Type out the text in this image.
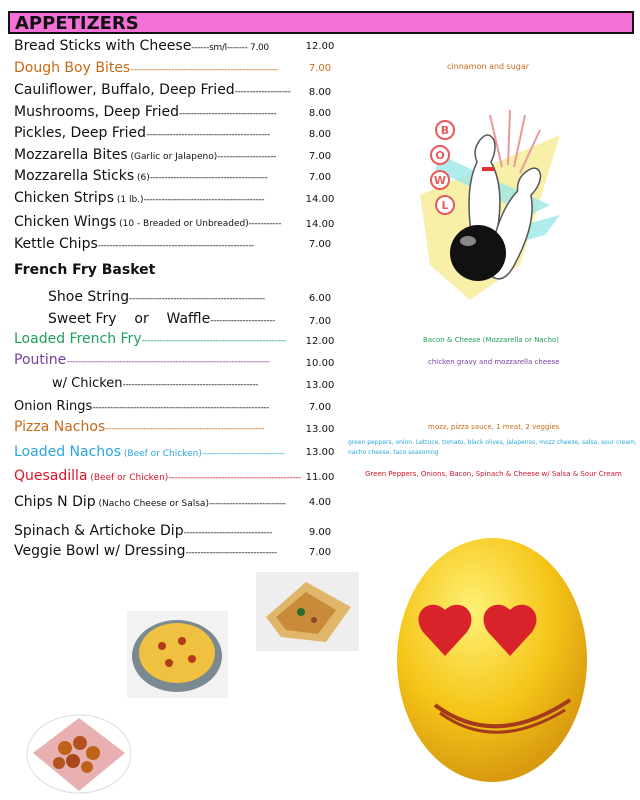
APPETIZERS
Bread Sticks with Cheese------sm/l------- 7.00
Dough Boy Bites--------------------------------------------------
Cauliflower, Buffalo, Deep Fried-------------------
Mushrooms, Deep Fried---------------------------------
Pickles, Deep Fried------------------------------------------
Mozzarella Bites (Garlic or Jalapeno)--------------------
Mozzarella Sticks (6)----------------------------------------
Chicken Strips (1 lb.)-----------------------------------------
Chicken Wings (10 - Breaded or Unbreaded)-----------
Kettle Chips-----------------------------------------------------
French Fry Basket
Shoe String----------------------------------------------
Sweet Fry    or    Waffle----------------------
Loaded French Fry-------------------------------------------------
Poutine---------------------------------------------------------------------
w/ Chicken----------------------------------------------
Onion Rings------------------------------------------------------------
Pizza Nachos------------------------------------------------------
Loaded Nachos (Beef or Chicken)----------------------------
Quesadilla (Beef or Chicken)---------------------------------------------
Chips N Dip (Nacho Cheese or Salsa)--------------------------
Spinach & Artichoke Dip------------------------------
Veggie Bowl w/ Dressing-------------------------------
12.00
7.00
8.00
8.00
8.00
7.00
7.00
14.00
14.00
7.00
6.00
7.00
12.00
10.00
13.00
7.00
13.00
13.00
11.00
4.00
9.00
7.00
cinnamon and sugar
Bacon & Cheese (Mozzarella or Nacho)
chicken gravy and mozzarella cheese
mozz, pizza sauce, 1 meat, 2 veggies
green peppers, onion. Lettuce, tomato, black olives, jalapenos, mozz cheese, salsa, sour cream,
nacho cheese, taco seasoning
Green Peppers, Onions, Bacon, Spinach & Cheese w/ Salsa & Sour Cream
B
O
W
L
